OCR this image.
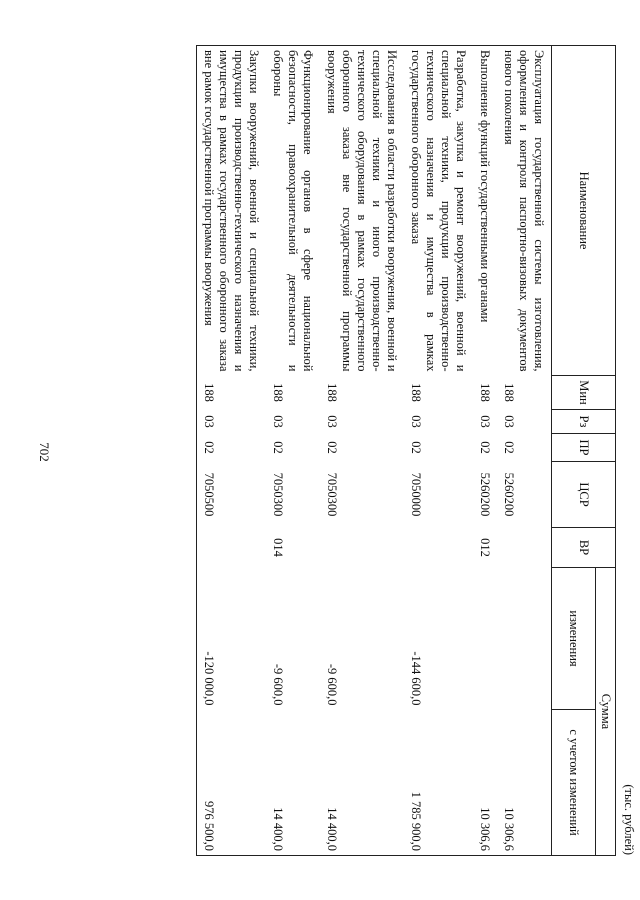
702
(тыс. рублей)
Наименование	Мин	Рз	ПР	ЦСР	ВР	Сумма	
						изменения	с учетом изменений
Эксплуатация государственной системы изготовления, оформления и контроля паспортно-визовых документов нового поколения	188	03	02	5260200			10 306,6
Выполнение функций государственными органами	188	03	02	5260200	012		10 306,6
Разработка, закупка и ремонт вооружений, военной и специальной техники, продукции производственно-технического назначения и имущества в рамках государственного оборонного заказа	188	03	02	7050000		-144 600,0	1 785 900,0
Исследования в области разработки вооружения, военной и специальной техники и иного производственно-технического оборудования в рамках государственного оборонного заказа вне государственной программы вооружения	188	03	02	7050300		-9 600,0	14 400,0
Функционирование органов в сфере национальной безопасности, правоохранительной деятельности и обороны	188	03	02	7050300	014	-9 600,0	14 400,0
Закупки вооружений, военной и специальной техники, продукции производственно-технического назначения и имущества в рамках государственного оборонного заказа вне рамок государственной программы вооружения	188	03	02	7050500		-120 000,0	976 500,0
